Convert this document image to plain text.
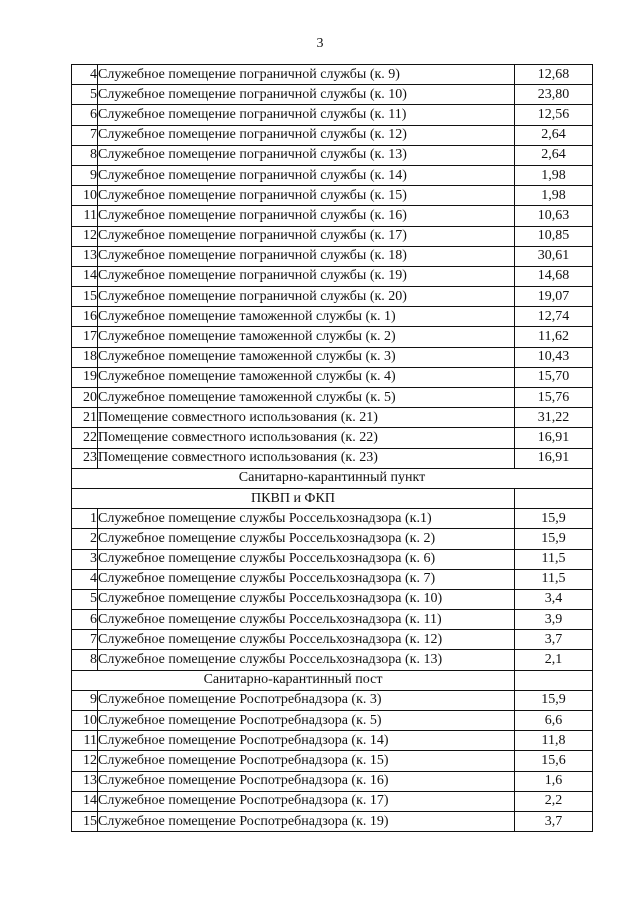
3
4	Служебное помещение пограничной службы (к. 9)	12,68
5	Служебное помещение пограничной службы (к. 10)	23,80
6	Служебное помещение пограничной службы (к. 11)	12,56
7	Служебное помещение пограничной службы (к. 12)	2,64
8	Служебное помещение пограничной службы (к. 13)	2,64
9	Служебное помещение пограничной службы (к. 14)	1,98
10	Служебное помещение пограничной службы (к. 15)	1,98
11	Служебное помещение пограничной службы (к. 16)	10,63
12	Служебное помещение пограничной службы (к. 17)	10,85
13	Служебное помещение пограничной службы (к. 18)	30,61
14	Служебное помещение пограничной службы (к. 19)	14,68
15	Служебное помещение пограничной службы (к. 20)	19,07
16	Служебное помещение таможенной службы (к. 1)	12,74
17	Служебное помещение таможенной службы (к. 2)	11,62
18	Служебное помещение таможенной службы (к. 3)	10,43
19	Служебное помещение таможенной службы (к. 4)	15,70
20	Служебное помещение таможенной службы (к. 5)	15,76
21	Помещение совместного использования (к. 21)	31,22
22	Помещение совместного использования (к. 22)	16,91
23	Помещение совместного использования (к. 23)	16,91
Санитарно-карантинный пункт		
ПКВП и ФКП		
1	Служебное помещение службы Россельхознадзора (к.1)	15,9
2	Служебное помещение службы Россельхознадзора (к. 2)	15,9
3	Служебное помещение службы Россельхознадзора (к. 6)	11,5
4	Служебное помещение службы Россельхознадзора (к. 7)	11,5
5	Служебное помещение службы Россельхознадзора (к. 10)	3,4
6	Служебное помещение службы Россельхознадзора (к. 11)	3,9
7	Служебное помещение службы Россельхознадзора (к. 12)	3,7
8	Служебное помещение службы Россельхознадзора (к. 13)	2,1
Санитарно-карантинный пост		
9	Служебное помещение Роспотребнадзора (к. 3)	15,9
10	Служебное помещение Роспотребнадзора (к. 5)	6,6
11	Служебное помещение Роспотребнадзора (к. 14)	11,8
12	Служебное помещение Роспотребнадзора (к. 15)	15,6
13	Служебное помещение Роспотребнадзора (к. 16)	1,6
14	Служебное помещение Роспотребнадзора (к. 17)	2,2
15	Служебное помещение Роспотребнадзора (к. 19)	3,7
